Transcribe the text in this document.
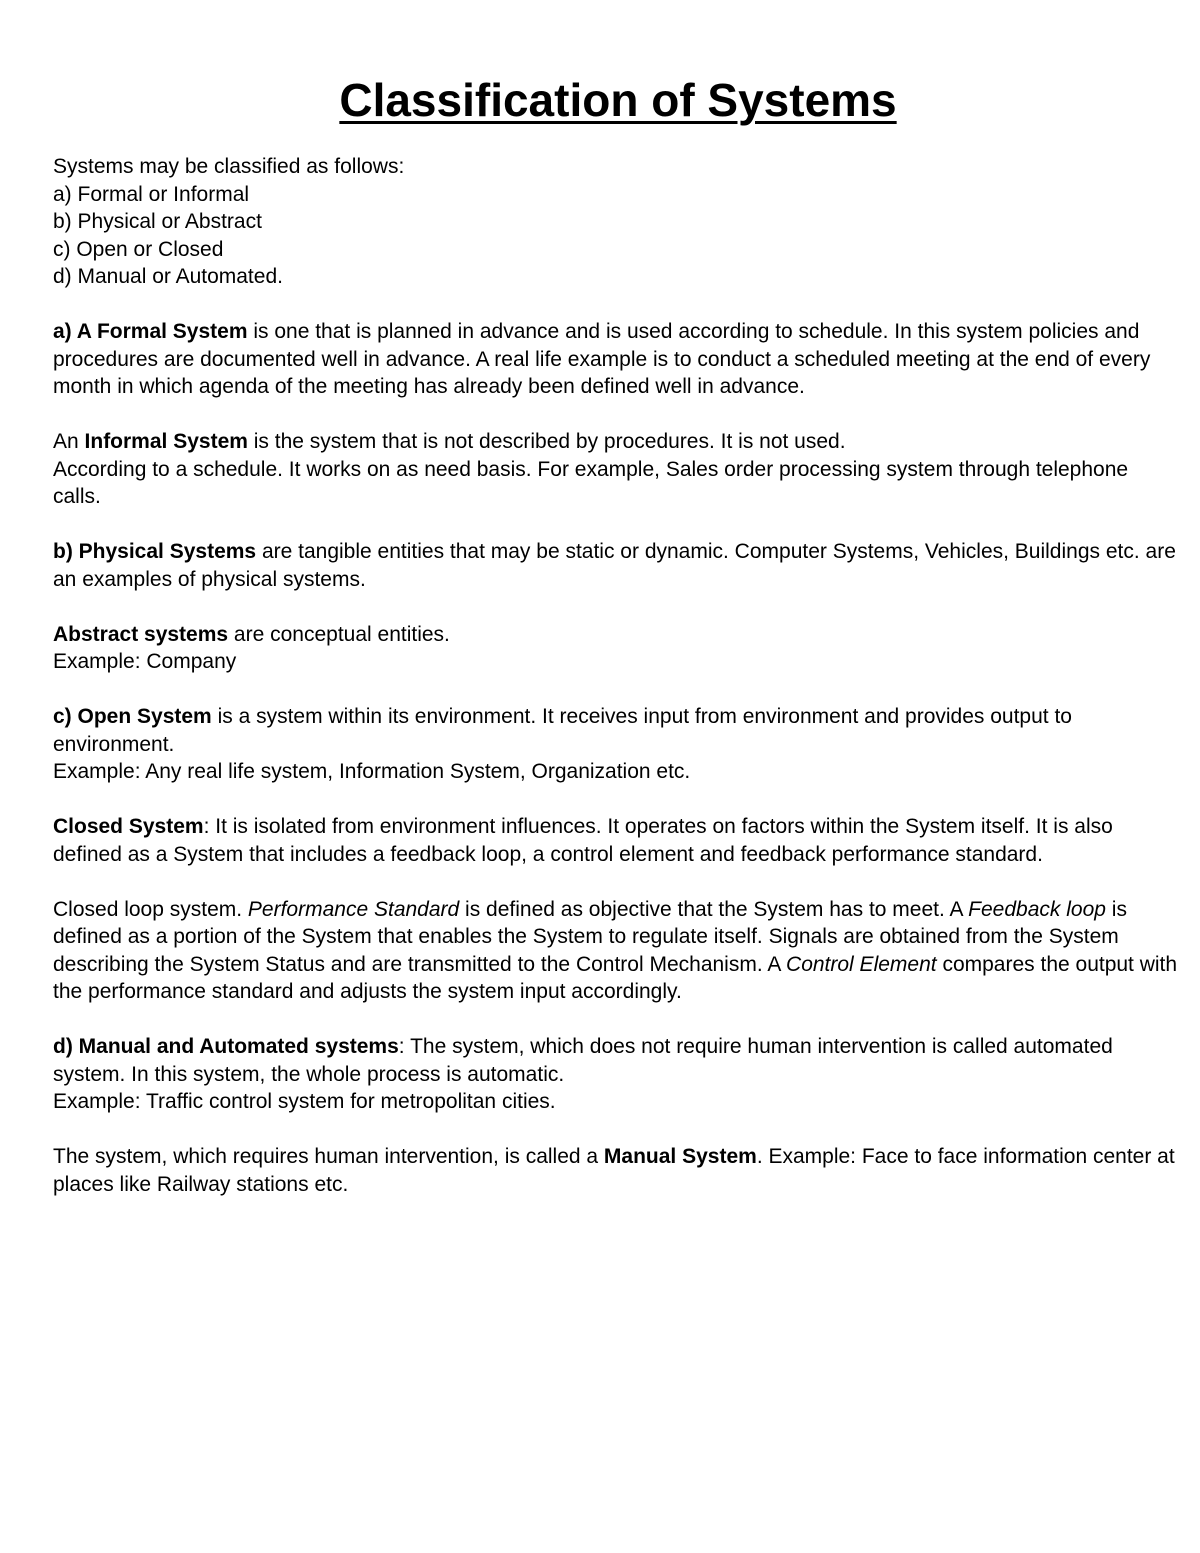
Classification of Systems
Systems may be classified as follows:
a) Formal or Informal
b) Physical or Abstract
c) Open or Closed
d) Manual or Automated.

a) A Formal System is one that is planned in advance and is used according to schedule. In this system policies and procedures are documented well in advance. A real life example is to conduct a scheduled meeting at the end of every month in which agenda of the meeting has already been defined well in advance.

An Informal System is the system that is not described by procedures. It is not used.
According to a schedule. It works on as need basis. For example, Sales order processing system through telephone calls.

b) Physical Systems are tangible entities that may be static or dynamic. Computer Systems, Vehicles, Buildings etc. are an examples of physical systems.

Abstract systems are conceptual entities.
Example: Company

c) Open System is a system within its environment. It receives input from environment and provides output to environment.
Example: Any real life system, Information System, Organization etc.

Closed System: It is isolated from environment influences. It operates on factors within the System itself. It is also defined as a System that includes a feedback loop, a control element and feedback performance standard.

Closed loop system. Performance Standard is defined as objective that the System has to meet. A Feedback loop is defined as a portion of the System that enables the System to regulate itself. Signals are obtained from the System describing the System Status and are transmitted to the Control Mechanism. A Control Element compares the output with the performance standard and adjusts the system input accordingly.

d) Manual and Automated systems: The system, which does not require human intervention is called automated system. In this system, the whole process is automatic.
Example: Traffic control system for metropolitan cities.

The system, which requires human intervention, is called a Manual System. Example: Face to face information center at places like Railway stations etc.
